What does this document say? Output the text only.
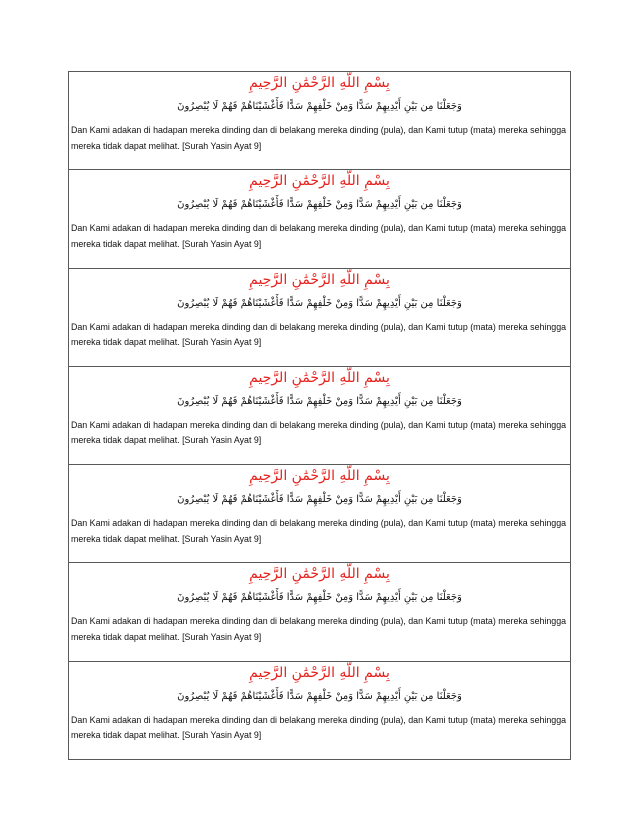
بِسْمِ اللَّهِ الرَّحْمَٰنِ الرَّحِيمِ
وَجَعَلْنَا مِن بَيْنِ أَيْدِيهِمْ سَدًّا وَمِنْ خَلْفِهِمْ سَدًّا فَأَغْشَيْنَاهُمْ فَهُمْ لَا يُبْصِرُونَ
Dan Kami adakan di hadapan mereka dinding dan di belakang mereka dinding (pula), dan Kami tutup (mata) mereka sehingga mereka tidak dapat melihat. [Surah Yasin Ayat 9]

بِسْمِ اللَّهِ الرَّحْمَٰنِ الرَّحِيمِ
وَجَعَلْنَا مِن بَيْنِ أَيْدِيهِمْ سَدًّا وَمِنْ خَلْفِهِمْ سَدًّا فَأَغْشَيْنَاهُمْ فَهُمْ لَا يُبْصِرُونَ
Dan Kami adakan di hadapan mereka dinding dan di belakang mereka dinding (pula), dan Kami tutup (mata) mereka sehingga mereka tidak dapat melihat. [Surah Yasin Ayat 9]

بِسْمِ اللَّهِ الرَّحْمَٰنِ الرَّحِيمِ
وَجَعَلْنَا مِن بَيْنِ أَيْدِيهِمْ سَدًّا وَمِنْ خَلْفِهِمْ سَدًّا فَأَغْشَيْنَاهُمْ فَهُمْ لَا يُبْصِرُونَ
Dan Kami adakan di hadapan mereka dinding dan di belakang mereka dinding (pula), dan Kami tutup (mata) mereka sehingga mereka tidak dapat melihat. [Surah Yasin Ayat 9]

بِسْمِ اللَّهِ الرَّحْمَٰنِ الرَّحِيمِ
وَجَعَلْنَا مِن بَيْنِ أَيْدِيهِمْ سَدًّا وَمِنْ خَلْفِهِمْ سَدًّا فَأَغْشَيْنَاهُمْ فَهُمْ لَا يُبْصِرُونَ
Dan Kami adakan di hadapan mereka dinding dan di belakang mereka dinding (pula), dan Kami tutup (mata) mereka sehingga mereka tidak dapat melihat. [Surah Yasin Ayat 9]

بِسْمِ اللَّهِ الرَّحْمَٰنِ الرَّحِيمِ
وَجَعَلْنَا مِن بَيْنِ أَيْدِيهِمْ سَدًّا وَمِنْ خَلْفِهِمْ سَدًّا فَأَغْشَيْنَاهُمْ فَهُمْ لَا يُبْصِرُونَ
Dan Kami adakan di hadapan mereka dinding dan di belakang mereka dinding (pula), dan Kami tutup (mata) mereka sehingga mereka tidak dapat melihat. [Surah Yasin Ayat 9]

بِسْمِ اللَّهِ الرَّحْمَٰنِ الرَّحِيمِ
وَجَعَلْنَا مِن بَيْنِ أَيْدِيهِمْ سَدًّا وَمِنْ خَلْفِهِمْ سَدًّا فَأَغْشَيْنَاهُمْ فَهُمْ لَا يُبْصِرُونَ
Dan Kami adakan di hadapan mereka dinding dan di belakang mereka dinding (pula), dan Kami tutup (mata) mereka sehingga mereka tidak dapat melihat. [Surah Yasin Ayat 9]

بِسْمِ اللَّهِ الرَّحْمَٰنِ الرَّحِيمِ
وَجَعَلْنَا مِن بَيْنِ أَيْدِيهِمْ سَدًّا وَمِنْ خَلْفِهِمْ سَدًّا فَأَغْشَيْنَاهُمْ فَهُمْ لَا يُبْصِرُونَ
Dan Kami adakan di hadapan mereka dinding dan di belakang mereka dinding (pula), dan Kami tutup (mata) mereka sehingga mereka tidak dapat melihat. [Surah Yasin Ayat 9]
